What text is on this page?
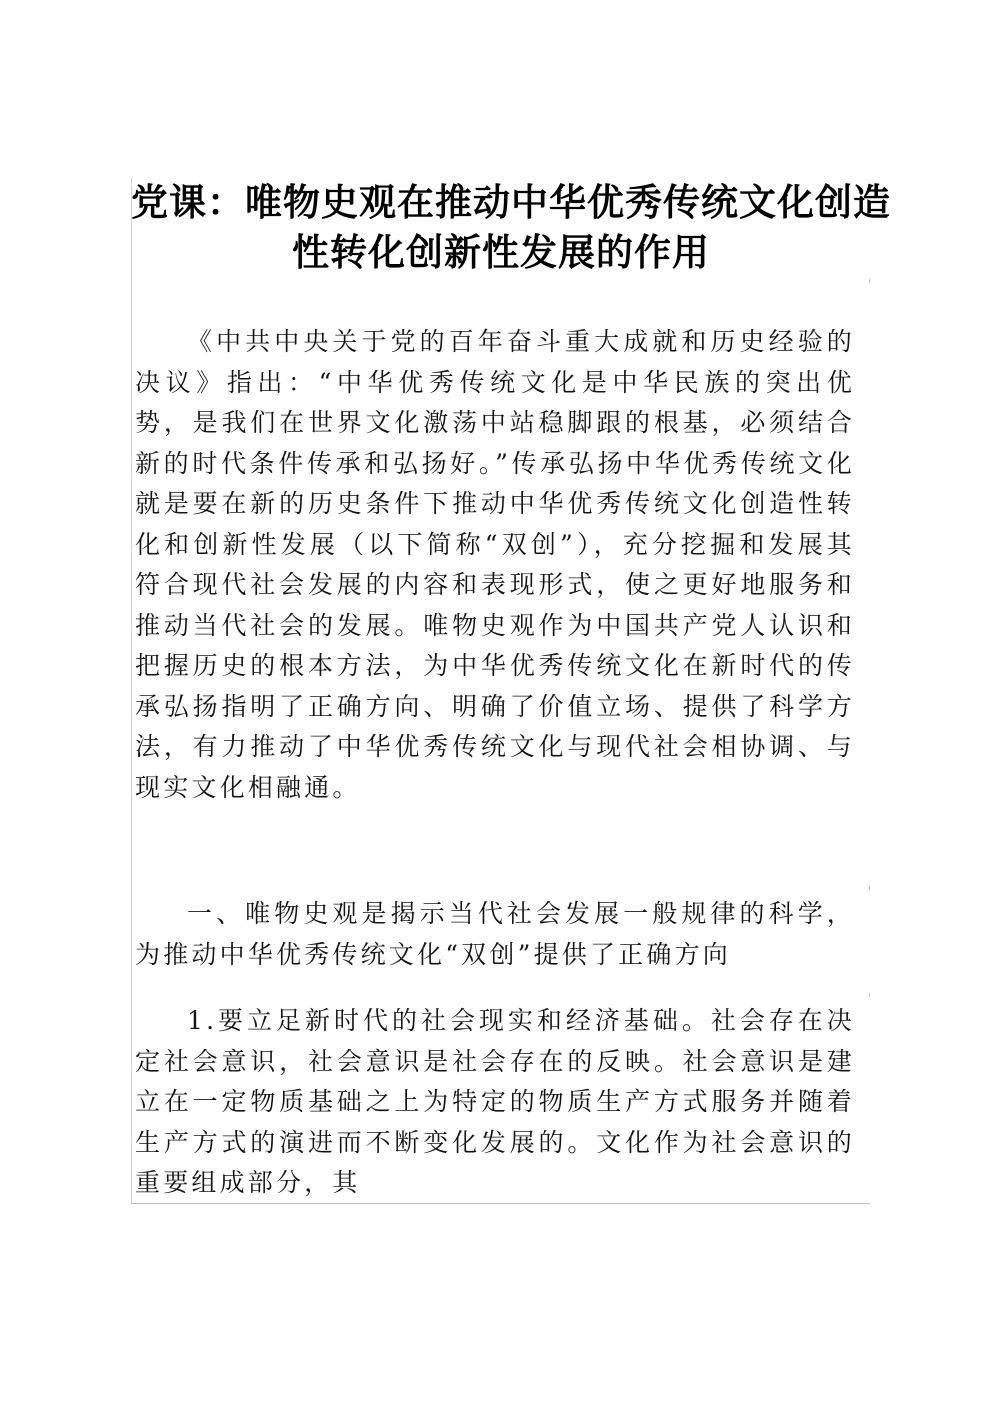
党课：唯物史观在推动中华优秀传统文化创造
性转化创新性发展的作用

《中共中央关于党的百年奋斗重大成就和历史经验的决议》指出：“中华优秀传统文化是中华民族的突出优势，是我们在世界文化激荡中站稳脚跟的根基，必须结合新的时代条件传承和弘扬好。”传承弘扬中华优秀传统文化就是要在新的历史条件下推动中华优秀传统文化创造性转化和创新性发展（以下简称“双创”），充分挖掘和发展其符合现代社会发展的内容和表现形式，使之更好地服务和推动当代社会的发展。唯物史观作为中国共产党人认识和把握历史的根本方法，为中华优秀传统文化在新时代的传承弘扬指明了正确方向、明确了价值立场、提供了科学方法，有力推动了中华优秀传统文化与现代社会相协调、与现实文化相融通。

一、唯物史观是揭示当代社会发展一般规律的科学，为推动中华优秀传统文化“双创”提供了正确方向

1.要立足新时代的社会现实和经济基础。社会存在决定社会意识，社会意识是社会存在的反映。社会意识是建立在一定物质基础之上为特定的物质生产方式服务并随着生产方式的演进而不断变化发展的。文化作为社会意识的重要组成部分，其
